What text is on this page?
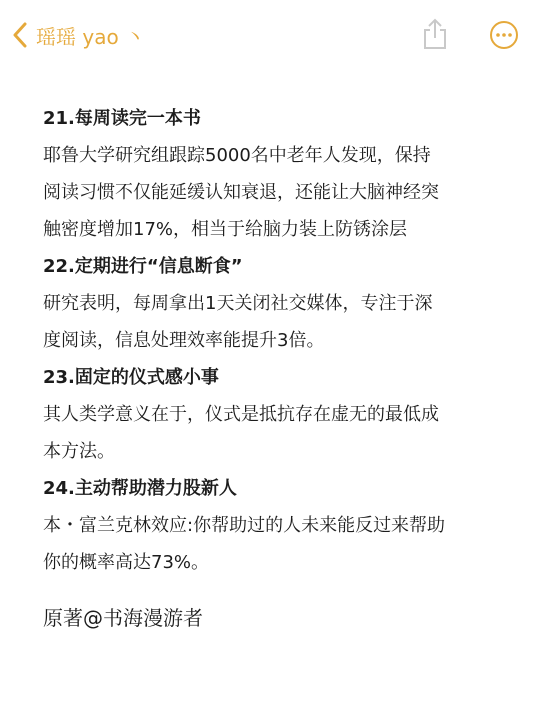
瑶瑶 yao 丶
21.每周读完一本书
耶鲁大学研究组跟踪5000名中老年人发现，保持
阅读习惯不仅能延缓认知衰退，还能让大脑神经突
触密度增加17%，相当于给脑力装上防锈涂层
22.定期进行“信息断食”
研究表明，每周拿出1天关闭社交媒体，专注于深
度阅读，信息处理效率能提升3倍。
23.固定的仪式感小事
其人类学意义在于，仪式是抵抗存在虚无的最低成
本方法。
24.主动帮助潜力股新人
本・富兰克林效应:你帮助过的人未来能反过来帮助
你的概率高达73%。
原著@书海漫游者
